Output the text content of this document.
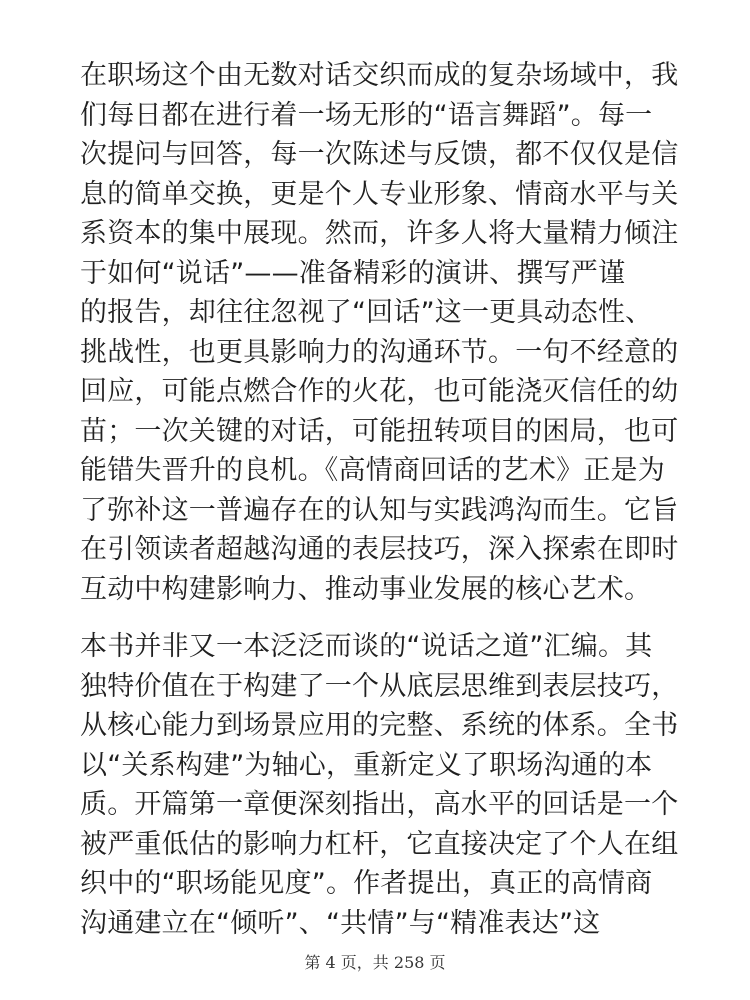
在职场这个由无数对话交织而成的复杂场域中，我
们每日都在进行着一场无形的“语言舞蹈”。每一
次提问与回答，每一次陈述与反馈，都不仅仅是信
息的简单交换，更是个人专业形象、情商水平与关
系资本的集中展现。然而，许多人将大量精力倾注
于如何“说话”——准备精彩的演讲、撰写严谨
的报告，却往往忽视了“回话”这一更具动态性、
挑战性，也更具影响力的沟通环节。一句不经意的
回应，可能点燃合作的火花，也可能浇灭信任的幼
苗；一次关键的对话，可能扭转项目的困局，也可
能错失晋升的良机。《高情商回话的艺术》正是为
了弥补这一普遍存在的认知与实践鸿沟而生。它旨
在引领读者超越沟通的表层技巧，深入探索在即时
互动中构建影响力、推动事业发展的核心艺术。
本书并非又一本泛泛而谈的“说话之道”汇编。其
独特价值在于构建了一个从底层思维到表层技巧，
从核心能力到场景应用的完整、系统的体系。全书
以“关系构建”为轴心，重新定义了职场沟通的本
质。开篇第一章便深刻指出，高水平的回话是一个
被严重低估的影响力杠杆，它直接决定了个人在组
织中的“职场能见度”。作者提出，真正的高情商
沟通建立在“倾听”、“共情”与“精准表达”这
第 4 页，共 258 页
